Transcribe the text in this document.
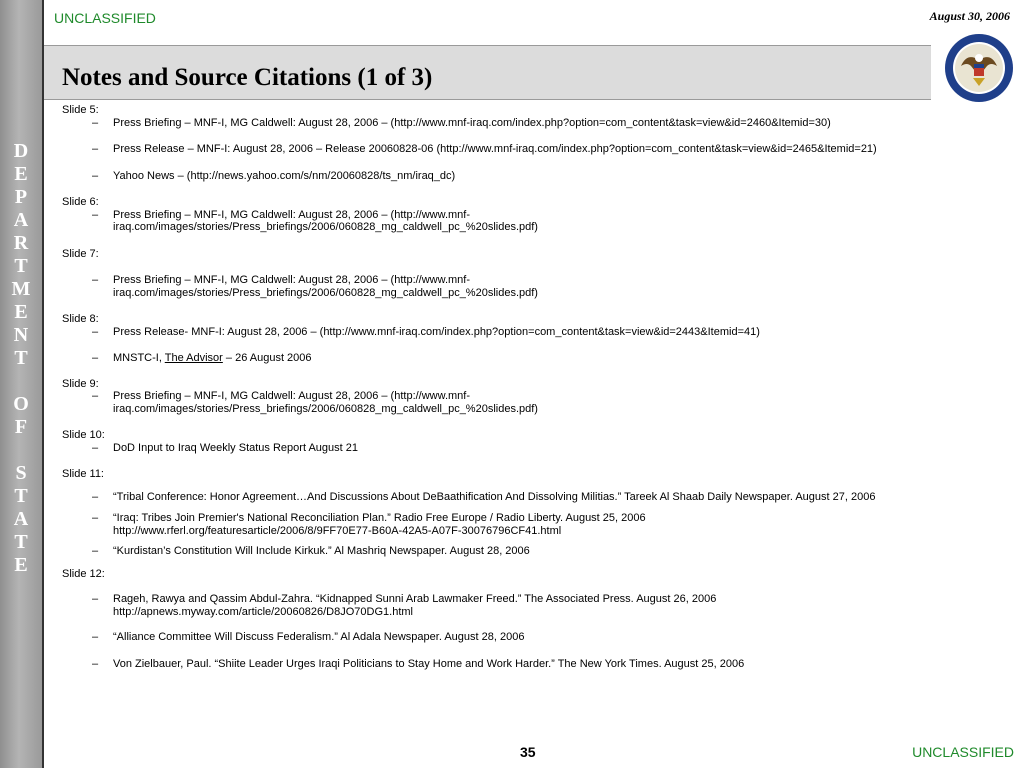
D
E
P
A
R
T
M
E
N
T
O
F
S
T
A
T
E
UNCLASSIFIED	August 30, 2006
Notes and Source Citations (1 of 3)

Slide 5:

– Press Briefing – MNF-I, MG Caldwell: August 28, 2006 – (http://www.mnf-iraq.com/index.php?option=com_content&task=view&id=2460&Itemid=30)

– Press Release – MNF-I: August 28, 2006 – Release 20060828-06 (http://www.mnf-iraq.com/index.php?option=com_content&task=view&id=2465&Itemid=21)

– Yahoo News – (http://news.yahoo.com/s/nm/20060828/ts_nm/iraq_dc)

Slide 6:

– Press Briefing – MNF-I, MG Caldwell: August 28, 2006 – (http://www.mnf-
iraq.com/images/stories/Press_briefings/2006/060828_mg_caldwell_pc_%20slides.pdf)

Slide 7:

– Press Briefing – MNF-I, MG Caldwell: August 28, 2006 – (http://www.mnf-
iraq.com/images/stories/Press_briefings/2006/060828_mg_caldwell_pc_%20slides.pdf)

Slide 8:

– Press Release- MNF-I: August 28, 2006 – (http://www.mnf-iraq.com/index.php?option=com_content&task=view&id=2443&Itemid=41)

– MNSTC-I, The Advisor – 26 August 2006

Slide 9:

– Press Briefing – MNF-I, MG Caldwell: August 28, 2006 – (http://www.mnf-
iraq.com/images/stories/Press_briefings/2006/060828_mg_caldwell_pc_%20slides.pdf)

Slide 10:

– DoD Input to Iraq Weekly Status Report August 21

Slide 11:

– “Tribal Conference: Honor Agreement…And Discussions About DeBaathification And Dissolving Militias.” Tareek Al Shaab Daily Newspaper. August 27, 2006

– “Iraq: Tribes Join Premier's National Reconciliation Plan.” Radio Free Europe / Radio Liberty. August 25, 2006
http://www.rferl.org/featuresarticle/2006/8/9FF70E77-B60A-42A5-A07F-30076796CF41.html

– “Kurdistan’s Constitution Will Include Kirkuk.” Al Mashriq Newspaper. August 28, 2006

Slide 12:

– Rageh, Rawya and Qassim Abdul-Zahra. “Kidnapped Sunni Arab Lawmaker Freed.” The Associated Press. August 26, 2006
http://apnews.myway.com/article/20060826/D8JO70DG1.html

– “Alliance Committee Will Discuss Federalism.” Al Adala Newspaper. August 28, 2006

– Von Zielbauer, Paul. “Shiite Leader Urges Iraqi Politicians to Stay Home and Work Harder.” The New York Times. August 25, 2006

35	UNCLASSIFIED
